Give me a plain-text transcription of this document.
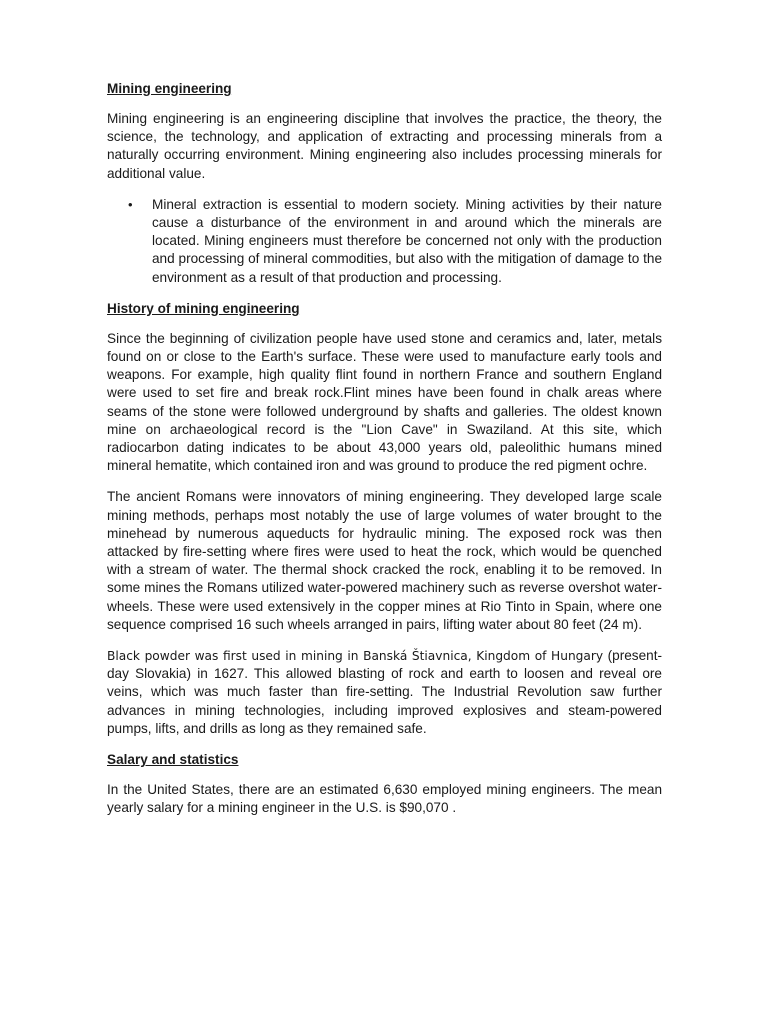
Mining engineering

Mining engineering is an engineering discipline that involves the practice, the theory, the science, the technology, and application of extracting and processing minerals from a naturally occurring environment. Mining engineering also includes processing minerals for additional value.

• Mineral extraction is essential to modern society. Mining activities by their nature cause a disturbance of the environment in and around which the minerals are located. Mining engineers must therefore be concerned not only with the production and processing of mineral commodities, but also with the mitigation of damage to the environment as a result of that production and processing.
History of mining engineering

Since the beginning of civilization people have used stone and ceramics and, later, metals found on or close to the Earth's surface. These were used to manufacture early tools and weapons. For example, high quality flint found in northern France and southern England were used to set fire and break rock.Flint mines have been found in chalk areas where seams of the stone were followed underground by shafts and galleries. The oldest known mine on archaeological record is the "Lion Cave" in Swaziland. At this site, which radiocarbon dating indicates to be about 43,000 years old, paleolithic humans mined mineral hematite, which contained iron and was ground to produce the red pigment ochre.

The ancient Romans were innovators of mining engineering. They developed large scale mining methods, perhaps most notably the use of large volumes of water brought to the minehead by numerous aqueducts for hydraulic mining. The exposed rock was then attacked by fire-setting where fires were used to heat the rock, which would be quenched with a stream of water. The thermal shock cracked the rock, enabling it to be removed. In some mines the Romans utilized water-powered machinery such as reverse overshot water-wheels. These were used extensively in the copper mines at Rio Tinto in Spain, where one sequence comprised 16 such wheels arranged in pairs, lifting water about 80 feet (24 m).

Black powder was first used in mining in Banská Štiavnica, Kingdom of Hungary (present-day Slovakia) in 1627. This allowed blasting of rock and earth to loosen and reveal ore veins, which was much faster than fire-setting. The Industrial Revolution saw further advances in mining technologies, including improved explosives and steam-powered pumps, lifts, and drills as long as they remained safe.

Salary and statistics

In the United States, there are an estimated 6,630 employed mining engineers. The mean yearly salary for a mining engineer in the U.S. is $90,070 .
